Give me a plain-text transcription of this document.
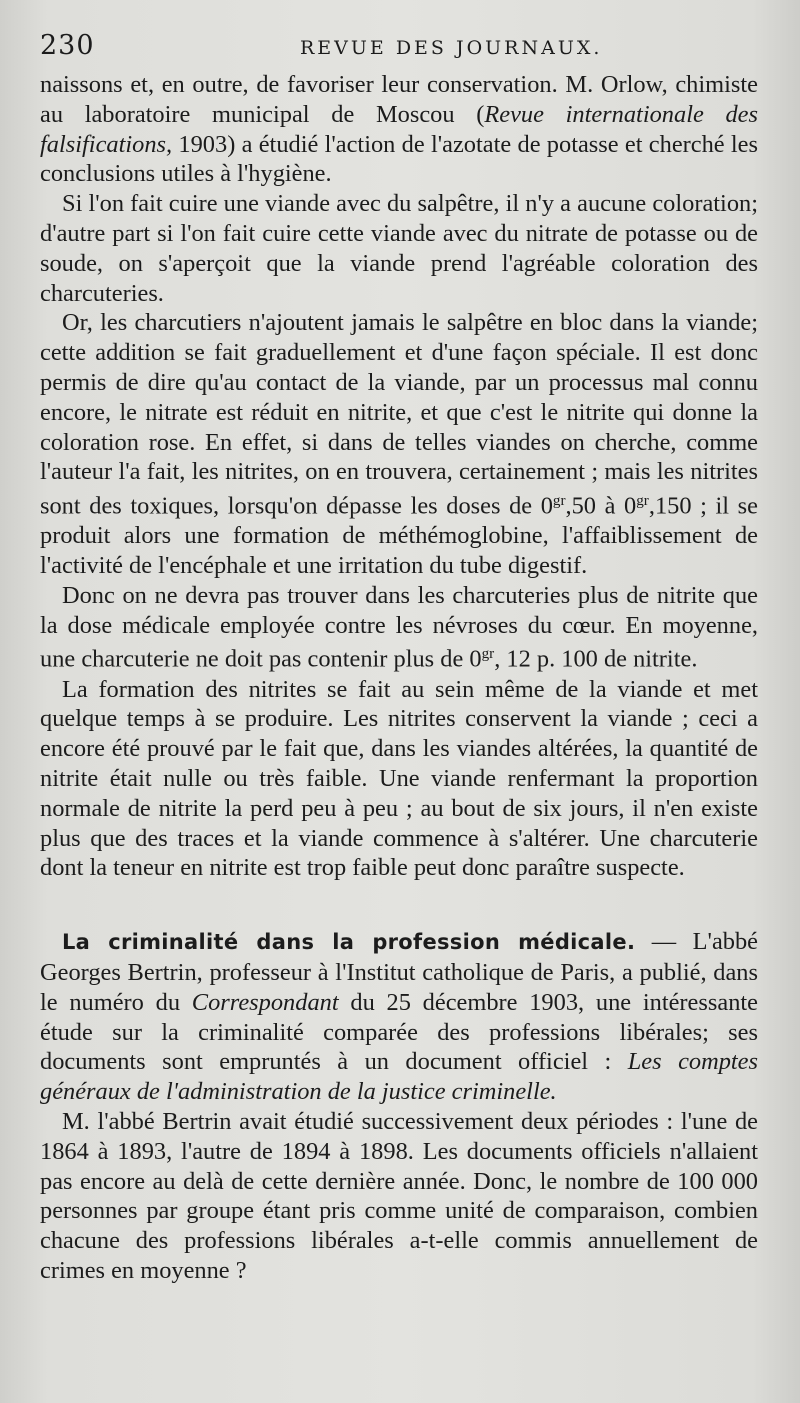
230	REVUE DES JOURNAUX.

naissons et, en outre, de favoriser leur conservation. M. Orlow, chimiste au laboratoire municipal de Moscou (Revue internationale des falsifications, 1903) a étudié l'action de l'azotate de potasse et cherché les conclusions utiles à l'hygiène.

Si l'on fait cuire une viande avec du salpêtre, il n'y a aucune coloration; d'autre part si l'on fait cuire cette viande avec du nitrate de potasse ou de soude, on s'aperçoit que la viande prend l'agréable coloration des charcuteries.

Or, les charcutiers n'ajoutent jamais le salpêtre en bloc dans la viande; cette addition se fait graduellement et d'une façon spéciale. Il est donc permis de dire qu'au contact de la viande, par un processus mal connu encore, le nitrate est réduit en nitrite, et que c'est le nitrite qui donne la coloration rose. En effet, si dans de telles viandes on cherche, comme l'auteur l'a fait, les nitrites, on en trouvera, certainement ; mais les nitrites sont des toxiques, lorsqu'on dépasse les doses de $0^{gr},50$ à $0^{gr},150$ ; il se produit alors une formation de méthémoglobine, l'affaiblissement de l'activité de l'encéphale et une irritation du tube digestif.

Donc on ne devra pas trouver dans les charcuteries plus de nitrite que la dose médicale employée contre les névroses du cœur. En moyenne, une charcuterie ne doit pas contenir plus de $0^{gr}$, 12 p. 100 de nitrite.

La formation des nitrites se fait au sein même de la viande et met quelque temps à se produire. Les nitrites conservent la viande ; ceci a encore été prouvé par le fait que, dans les viandes altérées, la quantité de nitrite était nulle ou très faible. Une viande renfermant la proportion normale de nitrite la perd peu à peu ; au bout de six jours, il n'en existe plus que des traces et la viande commence à s'altérer. Une charcuterie dont la teneur en nitrite est trop faible peut donc paraître suspecte.

La criminalité dans la profession médicale. — L'abbé Georges Bertrin, professeur à l'Institut catholique de Paris, a publié, dans le numéro du Correspondant du 25 décembre 1903, une intéressante étude sur la criminalité comparée des professions libérales; ses documents sont empruntés à un document officiel : Les comptes généraux de l'administration de la justice criminelle.

M. l'abbé Bertrin avait étudié successivement deux périodes : l'une de 1864 à 1893, l'autre de 1894 à 1898. Les documents officiels n'allaient pas encore au delà de cette dernière année. Donc, le nombre de 100 000 personnes par groupe étant pris comme unité de comparaison, combien chacune des professions libérales a-t-elle commis annuellement de crimes en moyenne ?
